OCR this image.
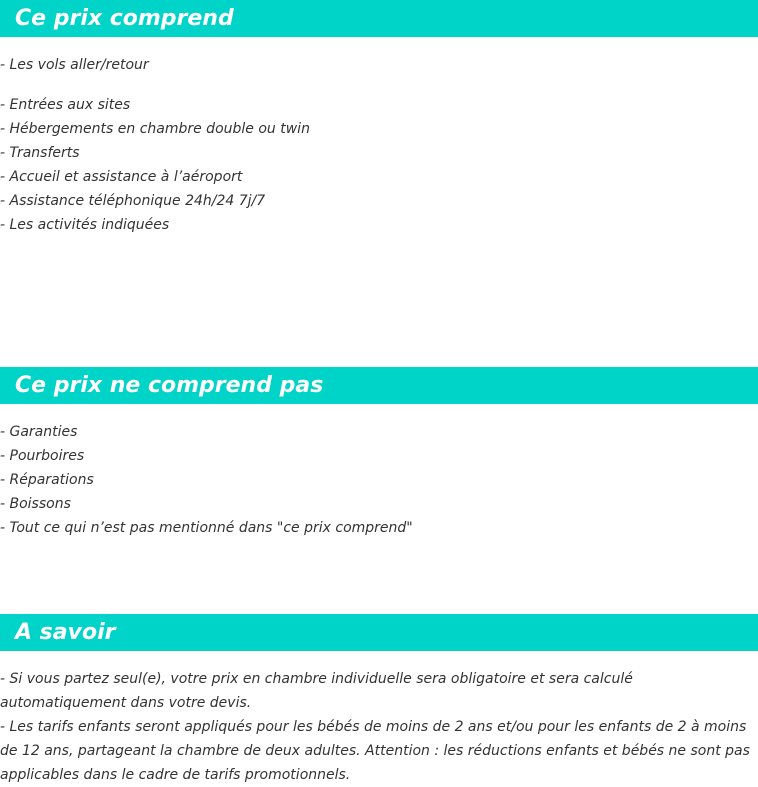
Ce prix comprend
- Les vols aller/retour
- Entrées aux sites
- Hébergements en chambre double ou twin
- Transferts
- Accueil et assistance à l’aéroport
- Assistance téléphonique 24h/24 7j/7
- Les activités indiquées
Ce prix ne comprend pas
- Garanties
- Pourboires
- Réparations
- Boissons
- Tout ce qui n’est pas mentionné dans "ce prix comprend"
A savoir
- Si vous partez seul(e), votre prix en chambre individuelle sera obligatoire et sera calculé automatiquement dans votre devis.
- Les tarifs enfants seront appliqués pour les bébés de moins de 2 ans et/ou pour les enfants de 2 à moins de 12 ans, partageant la chambre de deux adultes. Attention : les réductions enfants et bébés ne sont pas applicables dans le cadre de tarifs promotionnels.
